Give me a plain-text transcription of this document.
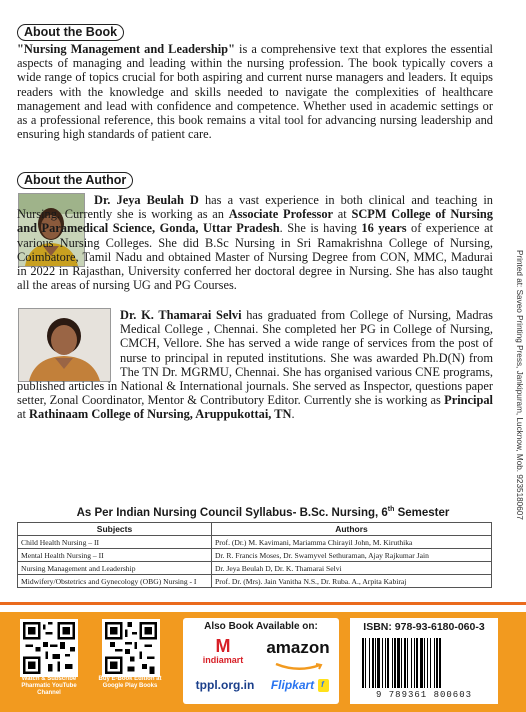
About the Book
"Nursing Management and Leadership" is a comprehensive text that explores the essential aspects of managing and leading within the nursing profession. The book typically covers a wide range of topics crucial for both aspiring and current nurse managers and leaders. It equips readers with the knowledge and skills needed to navigate the complexities of healthcare management and lead with confidence and competence. Whether used in academic settings or as a professional reference, this book remains a vital tool for advancing nursing leadership and ensuring high standards of patient care.
About the Author
Dr. Jeya Beulah D has a vast experience in both clinical and teaching in Nursing. Currently she is working as an Associate Professor at SCPM College of Nursing and Paramedical Science, Gonda, Uttar Pradesh. She is having 16 years of experience at various Nursing Colleges. She did B.Sc Nursing in Sri Ramakrishna College of Nursing, Coimbatore, Tamil Nadu and obtained Master of Nursing Degree from CON, MMC, Madurai in 2022 in Rajasthan, University conferred her doctoral degree in Nursing. She has also taught all the areas of nursing UG and PG Courses.
Dr. K. Thamarai Selvi has graduated from College of Nursing, Madras Medical College , Chennai. She completed her PG in College of Nursing, CMCH, Vellore. She has served a wide range of services from the post of nurse to principal in reputed institutions. She was awarded Ph.D(N) from The TN Dr. MGRMU, Chennai. She has organised various CNE programs, published articles in National & International journals. She served as Inspector, questions paper setter, Zonal Coordinator, Mentor & Contributory Editor. Currently she is working as Principal at Rathinaam College of Nursing, Aruppukottai, TN.	Printed at: Saveo Printing Press, Jankipuram, Lucknow, Mob. 9235180607
As Per Indian Nursing Council Syllabus- B.Sc. Nursing, 6th Semester
Subjects	Authors
Child Health Nursing – II	Prof. (Dr.) M. Kavimani, Mariamma Chirayil John, M. Kiruthika
Mental Health Nursing – II	Dr. R. Francis Moses, Dr. Swamyvel Sethuraman, Ajay Rajkumar Jain
Nursing Management and Leadership	Dr. Jeya Beulah D, Dr. K. Thamarai Selvi
Midwifery/Obstetrics and Gynecology (OBG) Nursing - I	Prof. Dr. (Mrs). Jain Vanitha N.S., Dr. Ruba. A., Arpita Kabiraj
Watch & Subscribe Pharmatic YouTube Channel
Buy E-Book Edition at Google Play Books
Also Book Available on:
M
indiamart
amazon
tppl.org.in	Flipkart f
ISBN: 978-93-6180-060-3
9 789361 800603
